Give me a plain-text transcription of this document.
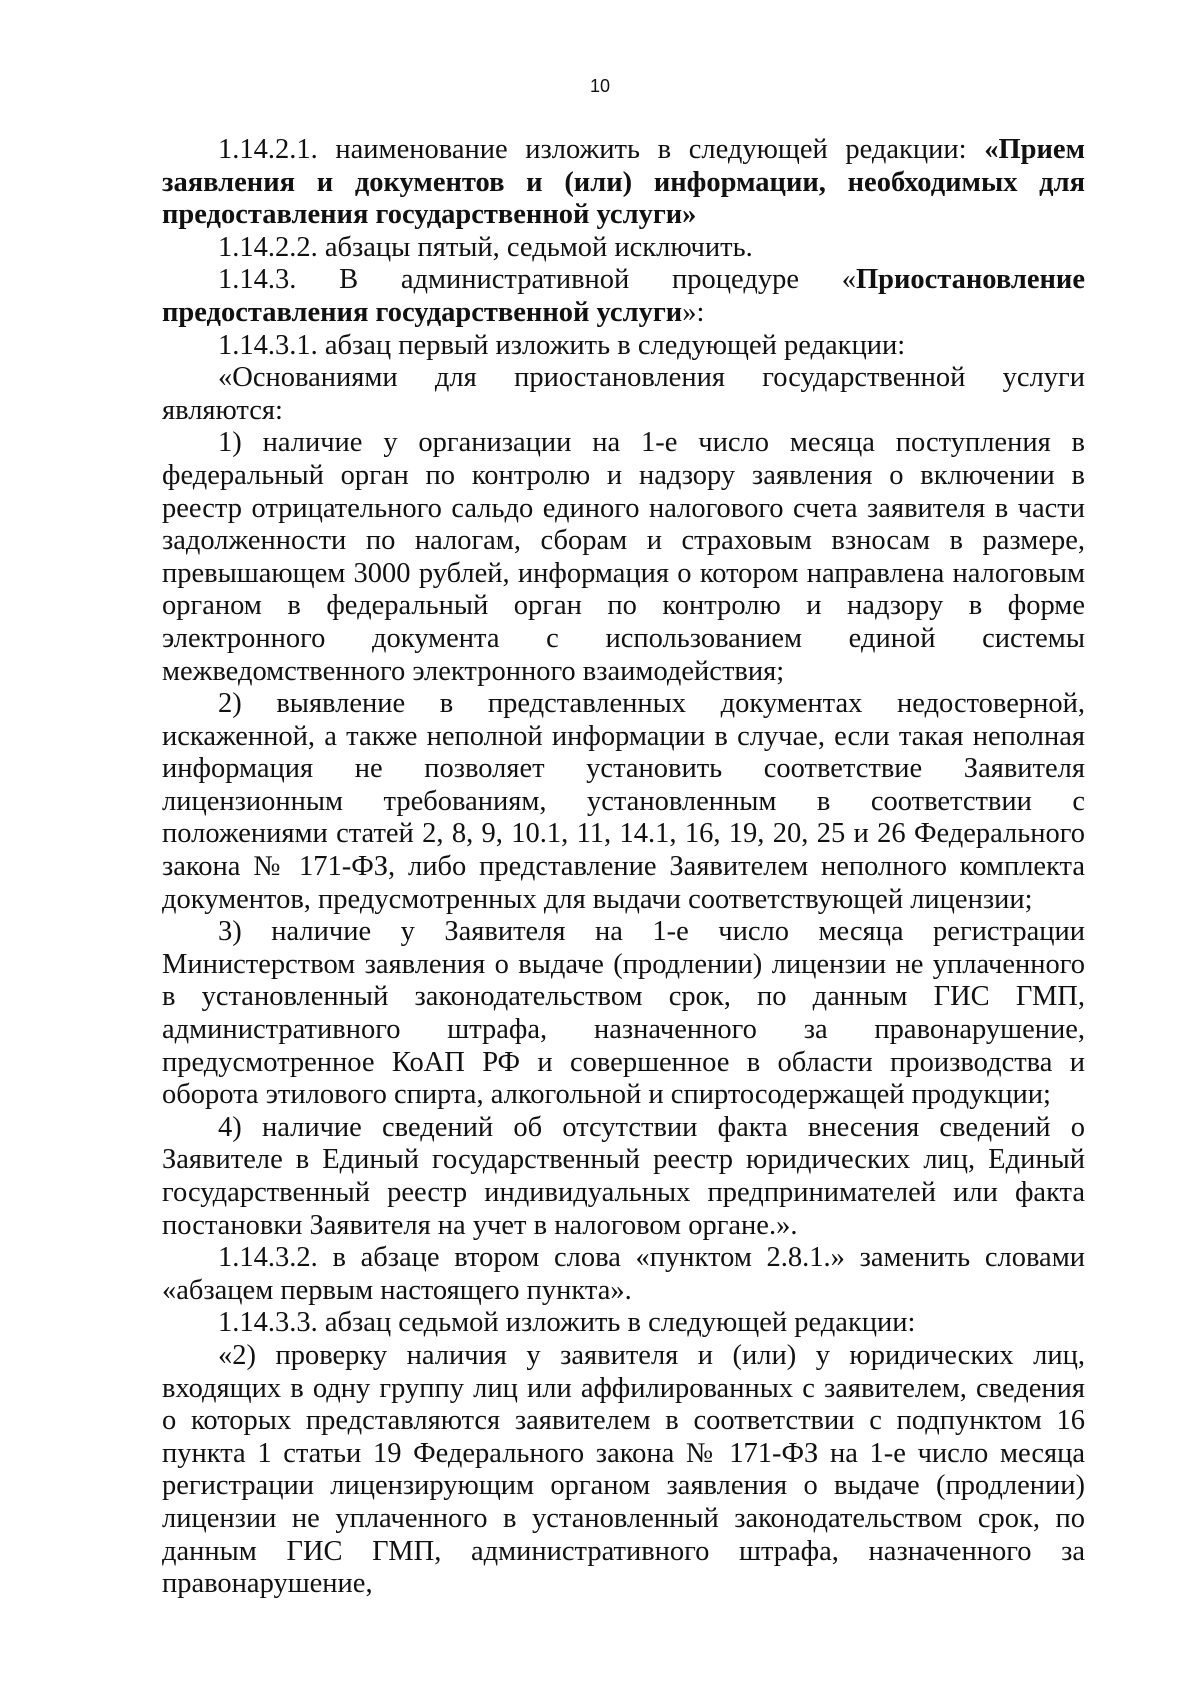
10

1.14.2.1. наименование изложить в следующей редакции: «Прием заявления и документов и (или) информации, необходимых для предоставления государственной услуги»

1.14.2.2. абзацы пятый, седьмой исключить.

1.14.3. В административной процедуре «Приостановление предоставления государственной услуги»:

1.14.3.1. абзац первый изложить в следующей редакции:

«Основаниями для приостановления государственной услуги являются:

1) наличие у организации на 1-е число месяца поступления в федеральный орган по контролю и надзору заявления о включении в реестр отрицательного сальдо единого налогового счета заявителя в части задолженности по налогам, сборам и страховым взносам в размере, превышающем 3000 рублей, информация о котором направлена налоговым органом в федеральный орган по контролю и надзору в форме электронного документа с использованием единой системы межведомственного электронного взаимодействия;

2) выявление в представленных документах недостоверной, искаженной, а также неполной информации в случае, если такая неполная информация не позволяет установить соответствие Заявителя лицензионным требованиям, установленным в соответствии с положениями статей 2, 8, 9, 10.1, 11, 14.1, 16, 19, 20, 25 и 26 Федерального закона № 171-ФЗ, либо представление Заявителем неполного комплекта документов, предусмотренных для выдачи соответствующей лицензии;

3) наличие у Заявителя на 1-е число месяца регистрации Министерством заявления о выдаче (продлении) лицензии не уплаченного в установленный законодательством срок, по данным ГИС ГМП, административного штрафа, назначенного за правонарушение, предусмотренное КоАП РФ и совершенное в области производства и оборота этилового спирта, алкогольной и спиртосодержащей продукции;

4) наличие сведений об отсутствии факта внесения сведений о Заявителе в Единый государственный реестр юридических лиц, Единый государственный реестр индивидуальных предпринимателей или факта постановки Заявителя на учет в налоговом органе.».

1.14.3.2. в абзаце втором слова «пунктом 2.8.1.» заменить словами «абзацем первым настоящего пункта».

1.14.3.3. абзац седьмой изложить в следующей редакции:

«2) проверку наличия у заявителя и (или) у юридических лиц, входящих в одну группу лиц или аффилированных с заявителем, сведения о которых представляются заявителем в соответствии с подпунктом 16 пункта 1 статьи 19 Федерального закона № 171-ФЗ на 1-е число месяца регистрации лицензирующим органом заявления о выдаче (продлении) лицензии не уплаченного в установленный законодательством срок, по данным ГИС ГМП, административного штрафа, назначенного за правонарушение,
